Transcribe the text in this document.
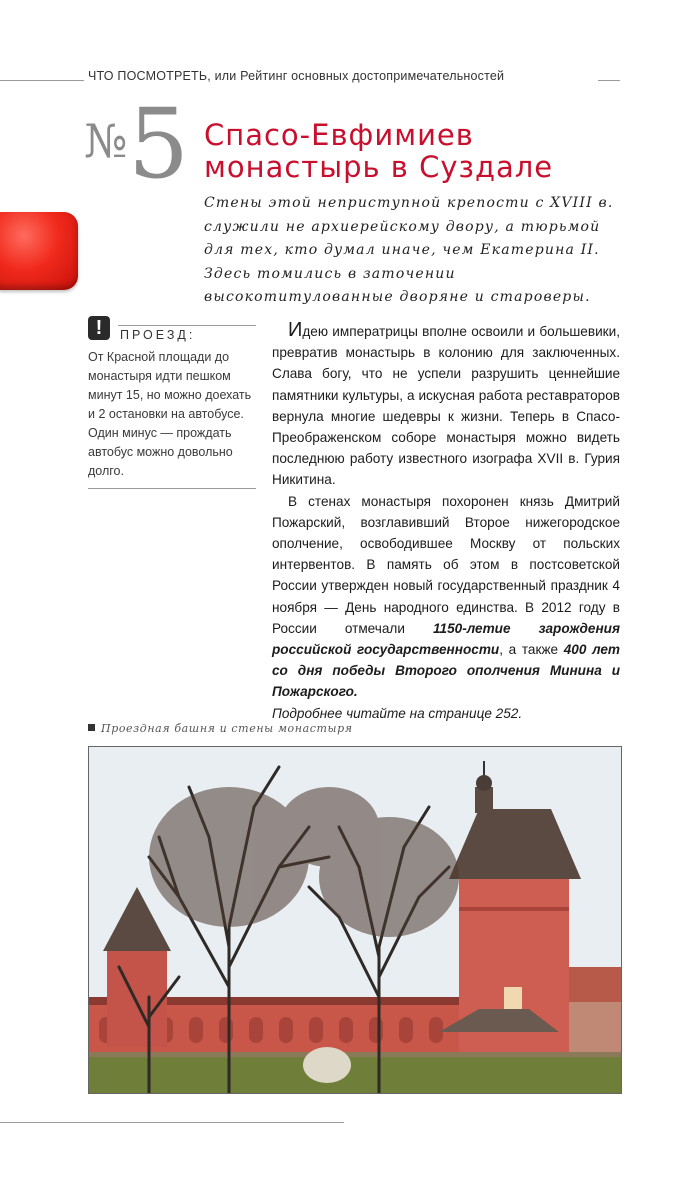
ЧТО ПОСМОТРЕТЬ, или Рейтинг основных достопримечательностей
№ 5 Спасо-Евфимиев
монастырь в Суздале
Стены этой неприступной крепости с XVIII в. служили не архиерейскому двору, а тюрьмой для тех, кто думал иначе, чем Екатерина II. Здесь томились в заточении высокотитулованные дворяне и староверы.
!	ПРОЕЗД:
От Красной площади до монастыря идти пешком минут 15, но можно доехать и 2 остановки на автобусе. Один минус — прождать автобус можно довольно долго.

Идею императрицы вполне освоили и большевики, превратив монастырь в колонию для заключенных. Слава богу, что не успели разрушить ценнейшие памятники культуры, а искусная работа реставраторов вернула многие шедевры к жизни. Теперь в Спасо-Преображенском соборе монастыря можно видеть последнюю работу известного изографа XVII в. Гурия Никитина.

В стенах монастыря похоронен князь Дмитрий Пожарский, возглавивший Второе нижегородское ополчение, освободившее Москву от польских интервентов. В память об этом в постсоветской России утвержден новый государственный праздник 4 ноября — День народного единства. В 2012 году в России отмечали 1150-летие зарождения российской государственности, а также 400 лет со дня победы Второго ополчения Минина и Пожарского.

Подробнее читайте на странице 252.

Проездная башня и стены монастыря
